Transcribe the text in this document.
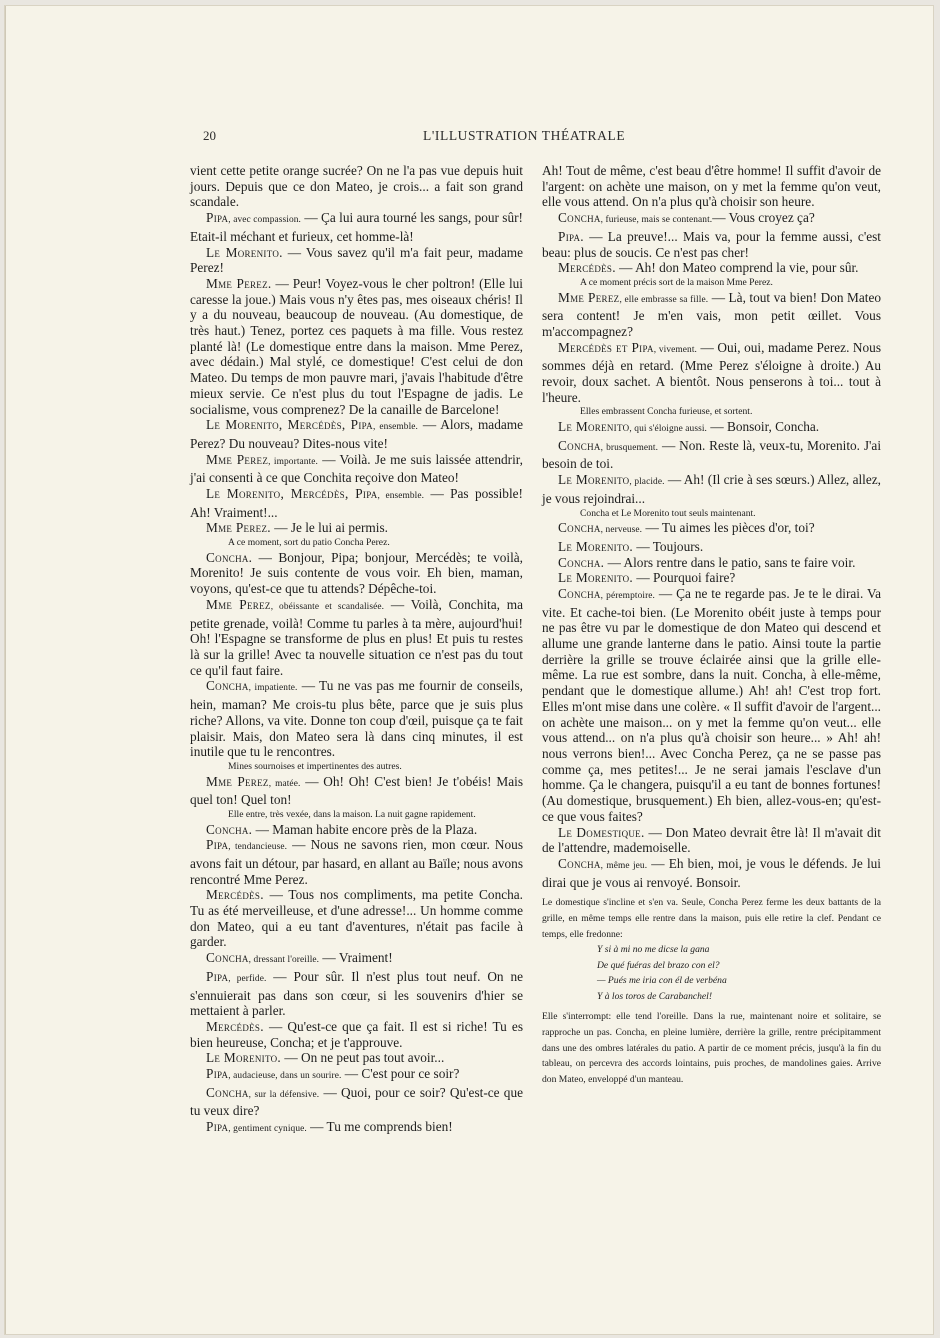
20	L'ILLUSTRATION THÉATRALE

vient cette petite orange sucrée? On ne l'a pas vue depuis huit jours. Depuis que ce don Mateo, je crois... a fait son grand scandale.

Pipa, avec compassion. — Ça lui aura tourné les sangs, pour sûr! Etait-il méchant et furieux, cet homme-là!

Le Morenito. — Vous savez qu'il m'a fait peur, madame Perez!

Mme Perez. — Peur! Voyez-vous le cher poltron! (Elle lui caresse la joue.) Mais vous n'y êtes pas, mes oiseaux chéris! Il y a du nouveau, beaucoup de nouveau. (Au domestique, de très haut.) Tenez, portez ces paquets à ma fille. Vous restez planté là! (Le domestique entre dans la maison. Mme Perez, avec dédain.) Mal stylé, ce domestique! C'est celui de don Mateo. Du temps de mon pauvre mari, j'avais l'habitude d'être mieux servie. Ce n'est plus du tout l'Espagne de jadis. Le socialisme, vous comprenez? De la canaille de Barcelone!

Le Morenito, Mercédès, Pipa, ensemble. — Alors, madame Perez? Du nouveau? Dites-nous vite!

Mme Perez, importante. — Voilà. Je me suis laissée attendrir, j'ai consenti à ce que Conchita reçoive don Mateo!

Le Morenito, Mercédès, Pipa, ensemble. — Pas possible! Ah! Vraiment!...

Mme Perez. — Je le lui ai permis.

A ce moment, sort du patio Concha Perez.

Concha. — Bonjour, Pipa; bonjour, Mercédès; te voilà, Morenito! Je suis contente de vous voir. Eh bien, maman, voyons, qu'est-ce que tu attends? Dépêche-toi.

Mme Perez, obéissante et scandalisée. — Voilà, Conchita, ma petite grenade, voilà! Comme tu parles à ta mère, aujourd'hui! Oh! l'Espagne se transforme de plus en plus! Et puis tu restes là sur la grille! Avec ta nouvelle situation ce n'est pas du tout ce qu'il faut faire.

Concha, impatiente. — Tu ne vas pas me fournir de conseils, hein, maman? Me crois-tu plus bête, parce que je suis plus riche? Allons, va vite. Donne ton coup d'œil, puisque ça te fait plaisir. Mais, don Mateo sera là dans cinq minutes, il est inutile que tu le rencontres.

Mines sournoises et impertinentes des autres.

Mme Perez, matée. — Oh! Oh! C'est bien! Je t'obéis! Mais quel ton! Quel ton!

Elle entre, très vexée, dans la maison. La nuit gagne rapidement.

Concha. — Maman habite encore près de la Plaza.

Pipa, tendancieuse. — Nous ne savons rien, mon cœur. Nous avons fait un détour, par hasard, en allant au Baïle; nous avons rencontré Mme Perez.

Mercédès. — Tous nos compliments, ma petite Concha. Tu as été merveilleuse, et d'une adresse!... Un homme comme don Mateo, qui a eu tant d'aventures, n'était pas facile à garder.

Concha, dressant l'oreille. — Vraiment!

Pipa, perfide. — Pour sûr. Il n'est plus tout neuf. On ne s'ennuierait pas dans son cœur, si les souvenirs d'hier se mettaient à parler.

Mercédès. — Qu'est-ce que ça fait. Il est si riche! Tu es bien heureuse, Concha; et je t'approuve.

Le Morenito. — On ne peut pas tout avoir...

Pipa, audacieuse, dans un sourire. — C'est pour ce soir?

Concha, sur la défensive. — Quoi, pour ce soir? Qu'est-ce que tu veux dire?

Pipa, gentiment cynique. — Tu me comprends bien!

Ah! Tout de même, c'est beau d'être homme! Il suffit d'avoir de l'argent: on achète une maison, on y met la femme qu'on veut, elle vous attend. On n'a plus qu'à choisir son heure.

Concha, furieuse, mais se contenant.— Vous croyez ça?

Pipa. — La preuve!... Mais va, pour la femme aussi, c'est beau: plus de soucis. Ce n'est pas cher!

Mercédès. — Ah! don Mateo comprend la vie, pour sûr.

A ce moment précis sort de la maison Mme Perez.

Mme Perez, elle embrasse sa fille. — Là, tout va bien! Don Mateo sera content! Je m'en vais, mon petit œillet. Vous m'accompagnez?

Mercédès et Pipa, vivement. — Oui, oui, madame Perez. Nous sommes déjà en retard. (Mme Perez s'éloigne à droite.) Au revoir, doux sachet. A bientôt. Nous penserons à toi... tout à l'heure.

Elles embrassent Concha furieuse, et sortent.

Le Morenito, qui s'éloigne aussi. — Bonsoir, Concha.

Concha, brusquement. — Non. Reste là, veux-tu, Morenito. J'ai besoin de toi.

Le Morenito, placide. — Ah! (Il crie à ses sœurs.) Allez, allez, je vous rejoindrai...

Concha et Le Morenito tout seuls maintenant.

Concha, nerveuse. — Tu aimes les pièces d'or, toi?

Le Morenito. — Toujours.

Concha. — Alors rentre dans le patio, sans te faire voir.

Le Morenito. — Pourquoi faire?

Concha, péremptoire. — Ça ne te regarde pas. Je te le dirai. Va vite. Et cache-toi bien. (Le Morenito obéit juste à temps pour ne pas être vu par le domestique de don Mateo qui descend et allume une grande lanterne dans le patio. Ainsi toute la partie derrière la grille se trouve éclairée ainsi que la grille elle-même. La rue est sombre, dans la nuit. Concha, à elle-même, pendant que le domestique allume.) Ah! ah! C'est trop fort. Elles m'ont mise dans une colère. « Il suffit d'avoir de l'argent... on achète une maison... on y met la femme qu'on veut... elle vous attend... on n'a plus qu'à choisir son heure... » Ah! ah! nous verrons bien!... Avec Concha Perez, ça ne se passe pas comme ça, mes petites!... Je ne serai jamais l'esclave d'un homme. Ça le changera, puisqu'il a eu tant de bonnes fortunes! (Au domestique, brusquement.) Eh bien, allez-vous-en; qu'est-ce que vous faites?

Le Domestique. — Don Mateo devrait être là! Il m'avait dit de l'attendre, mademoiselle.

Concha, même jeu. — Eh bien, moi, je vous le défends. Je lui dirai que je vous ai renvoyé. Bonsoir.

Le domestique s'incline et s'en va. Seule, Concha Perez ferme les deux battants de la grille, en même temps elle rentre dans la maison, puis elle retire la clef. Pendant ce temps, elle fredonne:

Y si à mi no me dicse la gana

De qué fuéras del brazo con el?

— Pués me iria con él de verbéna

Y à los toros de Carabanchel!

Elle s'interrompt: elle tend l'oreille. Dans la rue, maintenant noire et solitaire, se rapproche un pas. Concha, en pleine lumière, derrière la grille, rentre précipitamment dans une des ombres latérales du patio. A partir de ce moment précis, jusqu'à la fin du tableau, on percevra des accords lointains, puis proches, de mandolines gaies. Arrive don Mateo, enveloppé d'un manteau.
